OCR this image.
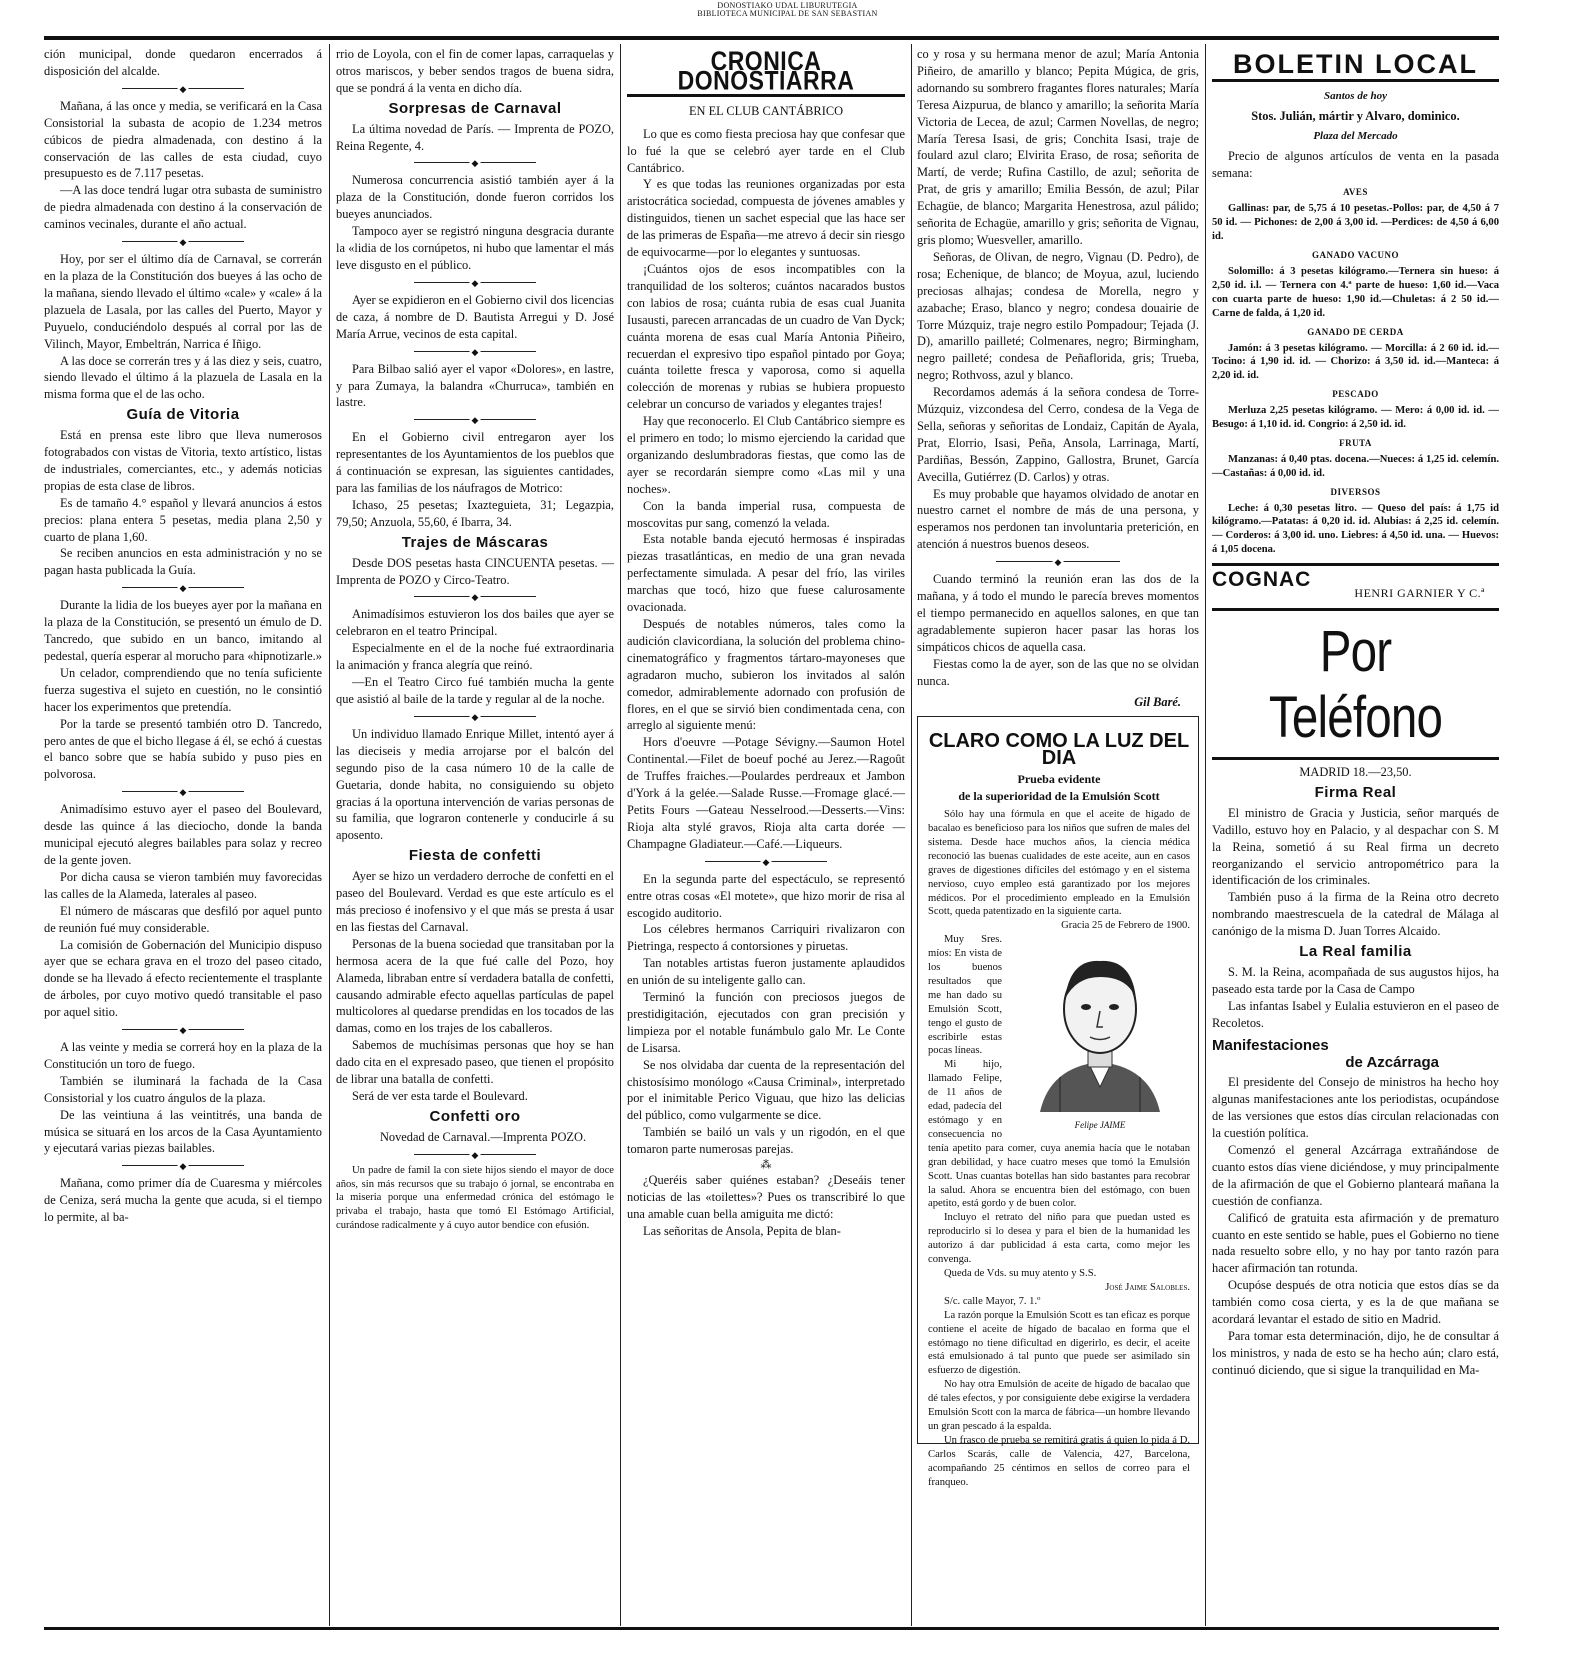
DONOSTIAKO UDAL LIBURUTEGIA
BIBLIOTECA MUNICIPAL DE SAN SEBASTIAN

ción municipal, donde quedaron encerrados á disposición del alcalde.

◆

Mañana, á las once y media, se verificará en la Casa Consistorial la subasta de acopio de 1.234 metros cúbicos de piedra almadenada, con destino á la conservación de las calles de esta ciudad, cuyo presupuesto es de 7.117 pesetas.

—A las doce tendrá lugar otra subasta de suministro de piedra almadenada con destino á la conservación de caminos vecinales, durante el año actual.

◆

Hoy, por ser el último día de Carnaval, se correrán en la plaza de la Constitución dos bueyes á las ocho de la mañana, siendo llevado el último «cale» y «cale» á la plazuela de Lasala, por las calles del Puerto, Mayor y Puyuelo, conduciéndolo después al corral por las de Vilinch, Mayor, Embeltrán, Narrica é Iñigo.

A las doce se correrán tres y á las diez y seis, cuatro, siendo llevado el último á la plazuela de Lasala en la misma forma que el de las ocho.

Guía de Vitoria

Está en prensa este libro que lleva numerosos fotograbados con vistas de Vitoria, texto artístico, listas de industriales, comerciantes, etc., y además noticias propias de esta clase de libros.

Es de tamaño 4.° español y llevará anuncios á estos precios: plana entera 5 pesetas, media plana 2,50 y cuarto de plana 1,60.

Se reciben anuncios en esta administración y no se pagan hasta publicada la Guía.

◆

Durante la lidia de los bueyes ayer por la mañana en la plaza de la Constitución, se presentó un émulo de D. Tancredo, que subido en un banco, imitando al pedestal, quería esperar al morucho para «hipnotizarle.»

Un celador, comprendiendo que no tenía suficiente fuerza sugestiva el sujeto en cuestión, no le consintió hacer los experimentos que pretendía.

Por la tarde se presentó también otro D. Tancredo, pero antes de que el bicho llegase á él, se echó á cuestas el banco sobre que se había subido y puso pies en polvorosa.

◆

Animadísimo estuvo ayer el paseo del Boulevard, desde las quince á las dieciocho, donde la banda municipal ejecutó alegres bailables para solaz y recreo de la gente joven.

Por dicha causa se vieron también muy favorecidas las calles de la Alameda, laterales al paseo.

El número de máscaras que desfiló por aquel punto de reunión fué muy considerable.

La comisión de Gobernación del Municipio dispuso ayer que se echara grava en el trozo del paseo citado, donde se ha llevado á efecto recientemente el trasplante de árboles, por cuyo motivo quedó transitable el paso por aquel sitio.

◆

A las veinte y media se correrá hoy en la plaza de la Constitución un toro de fuego.

También se iluminará la fachada de la Casa Consistorial y los cuatro ángulos de la plaza.

De las veintiuna á las veintitrés, una banda de música se situará en los arcos de la Casa Ayuntamiento y ejecutará varias piezas bailables.

◆

Mañana, como primer día de Cuaresma y miércoles de Ceniza, será mucha la gente que acuda, si el tiempo lo permite, al ba-

rrio de Loyola, con el fin de comer lapas, carraquelas y otros mariscos, y beber sendos tragos de buena sidra, que se pondrá á la venta en dicho día.

Sorpresas de Carnaval

La última novedad de París. — Imprenta de POZO, Reina Regente, 4.

◆

Numerosa concurrencia asistió también ayer á la plaza de la Constitución, donde fueron corridos los bueyes anunciados.

Tampoco ayer se registró ninguna desgracia durante la «lidia de los cornúpetos, ni hubo que lamentar el más leve disgusto en el público.

◆

Ayer se expidieron en el Gobierno civil dos licencias de caza, á nombre de D. Bautista Arregui y D. José María Arrue, vecinos de esta capital.

◆

Para Bilbao salió ayer el vapor «Dolores», en lastre, y para Zumaya, la balandra «Churruca», también en lastre.

◆

En el Gobierno civil entregaron ayer los representantes de los Ayuntamientos de los pueblos que á continuación se expresan, las siguientes cantidades, para las familias de los náufragos de Motrico:

Ichaso, 25 pesetas; Ixazteguieta, 31; Legazpia, 79,50; Anzuola, 55,60, é Ibarra, 34.

Trajes de Máscaras

Desde DOS pesetas hasta CINCUENTA pesetas. — Imprenta de POZO y Circo-Teatro.

◆

Animadísimos estuvieron los dos bailes que ayer se celebraron en el teatro Principal.

Especialmente en el de la noche fué extraordinaria la animación y franca alegría que reinó.

—En el Teatro Circo fué también mucha la gente que asistió al baile de la tarde y regular al de la noche.

◆

Un individuo llamado Enrique Millet, intentó ayer á las dieciseis y media arrojarse por el balcón del segundo piso de la casa número 10 de la calle de Guetaria, donde habita, no consiguiendo su objeto gracias á la oportuna intervención de varias personas de su familia, que lograron contenerle y conducirle á su aposento.

Fiesta de confetti

Ayer se hizo un verdadero derroche de confetti en el paseo del Boulevard. Verdad es que este artículo es el más precioso é inofensivo y el que más se presta á usar en las fiestas del Carnaval.

Personas de la buena sociedad que transitaban por la hermosa acera de la que fué calle del Pozo, hoy Alameda, libraban entre sí verdadera batalla de confetti, causando admirable efecto aquellas partículas de papel multicolores al quedarse prendidas en los tocados de las damas, como en los trajes de los caballeros.

Sabemos de muchísimas personas que hoy se han dado cita en el expresado paseo, que tienen el propósito de librar una batalla de confetti.

Será de ver esta tarde el Boulevard.

Confetti oro

Novedad de Carnaval.—Imprenta POZO.

◆

Un padre de famil la con siete hijos siendo el mayor de doce años, sin más recursos que su trabajo ó jornal, se encontraba en la miseria porque una enfermedad crónica del estómago le privaba el trabajo, hasta que tomó El Estómago Artificial, curándose radicalmente y á cuyo autor bendice con efusión.

CRONICA DONOSTIARRA

EN EL CLUB CANTÁBRICO

Lo que es como fiesta preciosa hay que confesar que lo fué la que se celebró ayer tarde en el Club Cantábrico.

Y es que todas las reuniones organizadas por esta aristocrática sociedad, compuesta de jóvenes amables y distinguidos, tienen un sachet especial que las hace ser de las primeras de España—me atrevo á decir sin riesgo de equivocarme—por lo elegantes y suntuosas.

¡Cuántos ojos de esos incompatibles con la tranquilidad de los solteros; cuántos nacarados bustos con labios de rosa; cuánta rubia de esas cual Juanita Iusausti, parecen arrancadas de un cuadro de Van Dyck; cuánta morena de esas cual María Antonia Piñeiro, recuerdan el expresivo tipo español pintado por Goya; cuánta toilette fresca y vaporosa, como si aquella colección de morenas y rubias se hubiera propuesto celebrar un concurso de variados y elegantes trajes!

Hay que reconocerlo. El Club Cantábrico siempre es el primero en todo; lo mismo ejerciendo la caridad que organizando deslumbradoras fiestas, que como las de ayer se recordarán siempre como «Las mil y una noches».

Con la banda imperial rusa, compuesta de moscovitas pur sang, comenzó la velada.

Esta notable banda ejecutó hermosas é inspiradas piezas trasatlánticas, en medio de una gran nevada perfectamente simulada. A pesar del frío, las viriles marchas que tocó, hizo que fuese calurosamente ovacionada.

Después de notables números, tales como la audición clavicordiana, la solución del problema chino-cinematográfico y fragmentos tártaro-mayoneses que agradaron mucho, subieron los invitados al salón comedor, admirablemente adornado con profusión de flores, en el que se sirvió bien condimentada cena, con arreglo al siguiente menú:

Hors d'oeuvre —Potage Sévigny.—Saumon Hotel Continental.—Filet de boeuf poché au Jerez.—Ragoût de Truffes fraiches.—Poulardes perdreaux et Jambon d'York á la gelée.—Salade Russe.—Fromage glacé.—Petits Fours —Gateau Nesselrood.—Desserts.—Vins: Rioja alta stylé gravos, Rioja alta carta dorée —Champagne Gladiateur.—Café.—Liqueurs.

◆

En la segunda parte del espectáculo, se representó entre otras cosas «El motete», que hizo morir de risa al escogido auditorio.

Los célebres hermanos Carriquiri rivalizaron con Pietringa, respecto á contorsiones y piruetas.

Tan notables artistas fueron justamente aplaudidos en unión de su inteligente gallo can.

Terminó la función con preciosos juegos de prestidigitación, ejecutados con gran precisión y limpieza por el notable funámbulo galo Mr. Le Conte de Lisarsa.

Se nos olvidaba dar cuenta de la representación del chistosísimo monólogo «Causa Criminal», interpretado por el inimitable Perico Viguau, que hizo las delicias del público, como vulgarmente se dice.

También se bailó un vals y un rigodón, en el que tomaron parte numerosas parejas.

⁂

¿Queréis saber quiénes estaban? ¿Deseáis tener noticias de las «toilettes»? Pues os transcribiré lo que una amable cuan bella amiguita me dictó:

Las señoritas de Ansola, Pepita de blan-

co y rosa y su hermana menor de azul; María Antonia Piñeiro, de amarillo y blanco; Pepita Múgica, de gris, adornando su sombrero fragantes flores naturales; María Teresa Aizpurua, de blanco y amarillo; la señorita María Victoria de Lecea, de azul; Carmen Novellas, de negro; María Teresa Isasi, de gris; Conchita Isasi, traje de foulard azul claro; Elvirita Eraso, de rosa; señorita de Martí, de verde; Rufina Castillo, de azul; señorita de Prat, de gris y amarillo; Emilia Bessón, de azul; Pilar Echagüe, de blanco; Margarita Henestrosa, azul pálido; señorita de Echagüe, amarillo y gris; señorita de Vignau, gris plomo; Wuesveller, amarillo.

Señoras, de Olivan, de negro, Vignau (D. Pedro), de rosa; Echenique, de blanco; de Moyua, azul, luciendo preciosas alhajas; condesa de Morella, negro y azabache; Eraso, blanco y negro; condesa douairie de Torre Múzquiz, traje negro estilo Pompadour; Tejada (J. D), amarillo pailleté; Colmenares, negro; Birmingham, negro pailleté; condesa de Peñaflorida, gris; Trueba, negro; Rothvoss, azul y blanco.

Recordamos además á la señora condesa de Torre-Múzquiz, vizcondesa del Cerro, condesa de la Vega de Sella, señoras y señoritas de Londaiz, Capitán de Ayala, Prat, Elorrio, Isasi, Peña, Ansola, Larrinaga, Martí, Pardiñas, Bessón, Zappino, Gallostra, Brunet, García Avecilla, Gutiérrez (D. Carlos) y otras.

Es muy probable que hayamos olvidado de anotar en nuestro carnet el nombre de más de una persona, y esperamos nos perdonen tan involuntaria preterición, en atención á nuestros buenos deseos.

◆

Cuando terminó la reunión eran las dos de la mañana, y á todo el mundo le parecía breves momentos el tiempo permanecido en aquellos salones, en que tan agradablemente supieron hacer pasar las horas los simpáticos chicos de aquella casa.

Fiestas como la de ayer, son de las que no se olvidan nunca.

Gil Baré.
CLARO COMO LA LUZ DEL DIA
Prueba evidente
de la superioridad de la Emulsión Scott

Sólo hay una fórmula en que el aceite de hígado de bacalao es beneficioso para los niños que sufren de males del sistema. Desde hace muchos años, la ciencia médica reconoció las buenas cualidades de este aceite, aun en casos graves de digestiones difíciles del estómago y en el sistema nervioso, cuyo empleo está garantizado por los mejores médicos. Por el procedimiento empleado en la Emulsión Scott, queda patentizado en la siguiente carta.

Gracia 25 de Febrero de 1900.

Felipe JAIME

Muy Sres. míos: En vista de los buenos resultados que me han dado su Emulsión Scott, tengo el gusto de escribirle estas pocas líneas.

Mi hijo, llamado Felipe, de 11 años de edad, padecía del estómago y en consecuencia no tenía apetito para comer, cuya anemia hacía que le notaban gran debilidad, y hace cuatro meses que tomó la Emulsión Scott. Unas cuantas botellas han sido bastantes para recobrar la salud. Ahora se encuentra bien del estómago, con buen apetito, está gordo y de buen color.

Incluyo el retrato del niño para que puedan usted es reproducirlo si lo desea y para el bien de la humanidad les autorizo á dar publicidad á esta carta, como mejor les convenga.

Queda de Vds. su muy atento y S.S.

José Jaime Salobles.

S/c. calle Mayor, 7. 1.º

La razón porque la Emulsión Scott es tan eficaz es porque contiene el aceite de hígado de bacalao en forma que el estómago no tiene dificultad en digerirlo, es decir, el aceite está emulsionado á tal punto que puede ser asimilado sin esfuerzo de digestión.

No hay otra Emulsión de aceite de hígado de bacalao que dé tales efectos, y por consiguiente debe exigirse la verdadera Emulsión Scott con la marca de fábrica—un hombre llevando un gran pescado á la espalda.

Un frasco de prueba se remitirá gratis á quien lo pida á D. Carlos Scarás, calle de Valencia, 427, Barcelona, acompañando 25 céntimos en sellos de correo para el franqueo.

BOLETIN LOCAL
Santos de hoy

Stos. Julián, mártir y Alvaro, dominico.

Plaza del Mercado

Precio de algunos artículos de venta en la pasada semana:

AVES

Gallinas: par, de 5,75 á 10 pesetas.-Pollos: par, de 4,50 á 7 50 id. — Pichones: de 2,00 á 3,00 id. —Perdices: de 4,50 á 6,00 id.

GANADO VACUNO

Solomillo: á 3 pesetas kilógramo.—Ternera sin hueso: á 2,50 id. i.l. — Ternera con 4.ª parte de hueso: 1,60 id.—Vaca con cuarta parte de hueso: 1,90 id.—Chuletas: á 2 50 id.—Carne de falda, á 1,20 id.

GANADO DE CERDA

Jamón: á 3 pesetas kilógramo. — Morcilla: á 2 60 id. id.—Tocino: á 1,90 id. id. — Chorizo: á 3,50 id. id.—Manteca: á 2,20 id. id.

PESCADO

Merluza 2,25 pesetas kilógramo. — Mero: á 0,00 id. id. — Besugo: á 1,10 id. id. Congrio: á 2,50 id. id.

FRUTA

Manzanas: á 0,40 ptas. docena.—Nueces: á 1,25 id. celemín.—Castañas: á 0,00 id. id.

DIVERSOS

Leche: á 0,30 pesetas litro. — Queso del país: á 1,75 id kilógramo.—Patatas: á 0,20 id. id. Alubias: á 2,25 id. celemín. — Corderos: á 3,00 id. uno. Liebres: á 4,50 id. una. — Huevos: á 1,05 docena.

COGNAC
HENRI GARNIER Y C.ª
Por Teléfono
MADRID 18.—23,50.
Firma Real

El ministro de Gracia y Justicia, señor marqués de Vadillo, estuvo hoy en Palacio, y al despachar con S. M la Reina, sometió á su Real firma un decreto reorganizando el servicio antropométrico para la identificación de los criminales.

También puso á la firma de la Reina otro decreto nombrando maestrescuela de la catedral de Málaga al canónigo de la misma D. Juan Torres Alcaido.

La Real familia

S. M. la Reina, acompañada de sus augustos hijos, ha paseado esta tarde por la Casa de Campo

Las infantas Isabel y Eulalia estuvieron en el paseo de Recoletos.

Manifestaciones
de Azcárraga

El presidente del Consejo de ministros ha hecho hoy algunas manifestaciones ante los periodistas, ocupándose de las versiones que estos días circulan relacionadas con la cuestión política.

Comenzó el general Azcárraga extrañándose de cuanto estos días viene diciéndose, y muy principalmente de la afirmación de que el Gobierno planteará mañana la cuestión de confianza.

Calificó de gratuita esta afirmación y de prematuro cuanto en este sentido se hable, pues el Gobierno no tiene nada resuelto sobre ello, y no hay por tanto razón para hacer afirmación tan rotunda.

Ocupóse después de otra noticia que estos días se da también como cosa cierta, y es la de que mañana se acordará levantar el estado de sitio en Madrid.

Para tomar esta determinación, dijo, he de consultar á los ministros, y nada de esto se ha hecho aún; claro está, continuó diciendo, que si sigue la tranquilidad en Ma-
